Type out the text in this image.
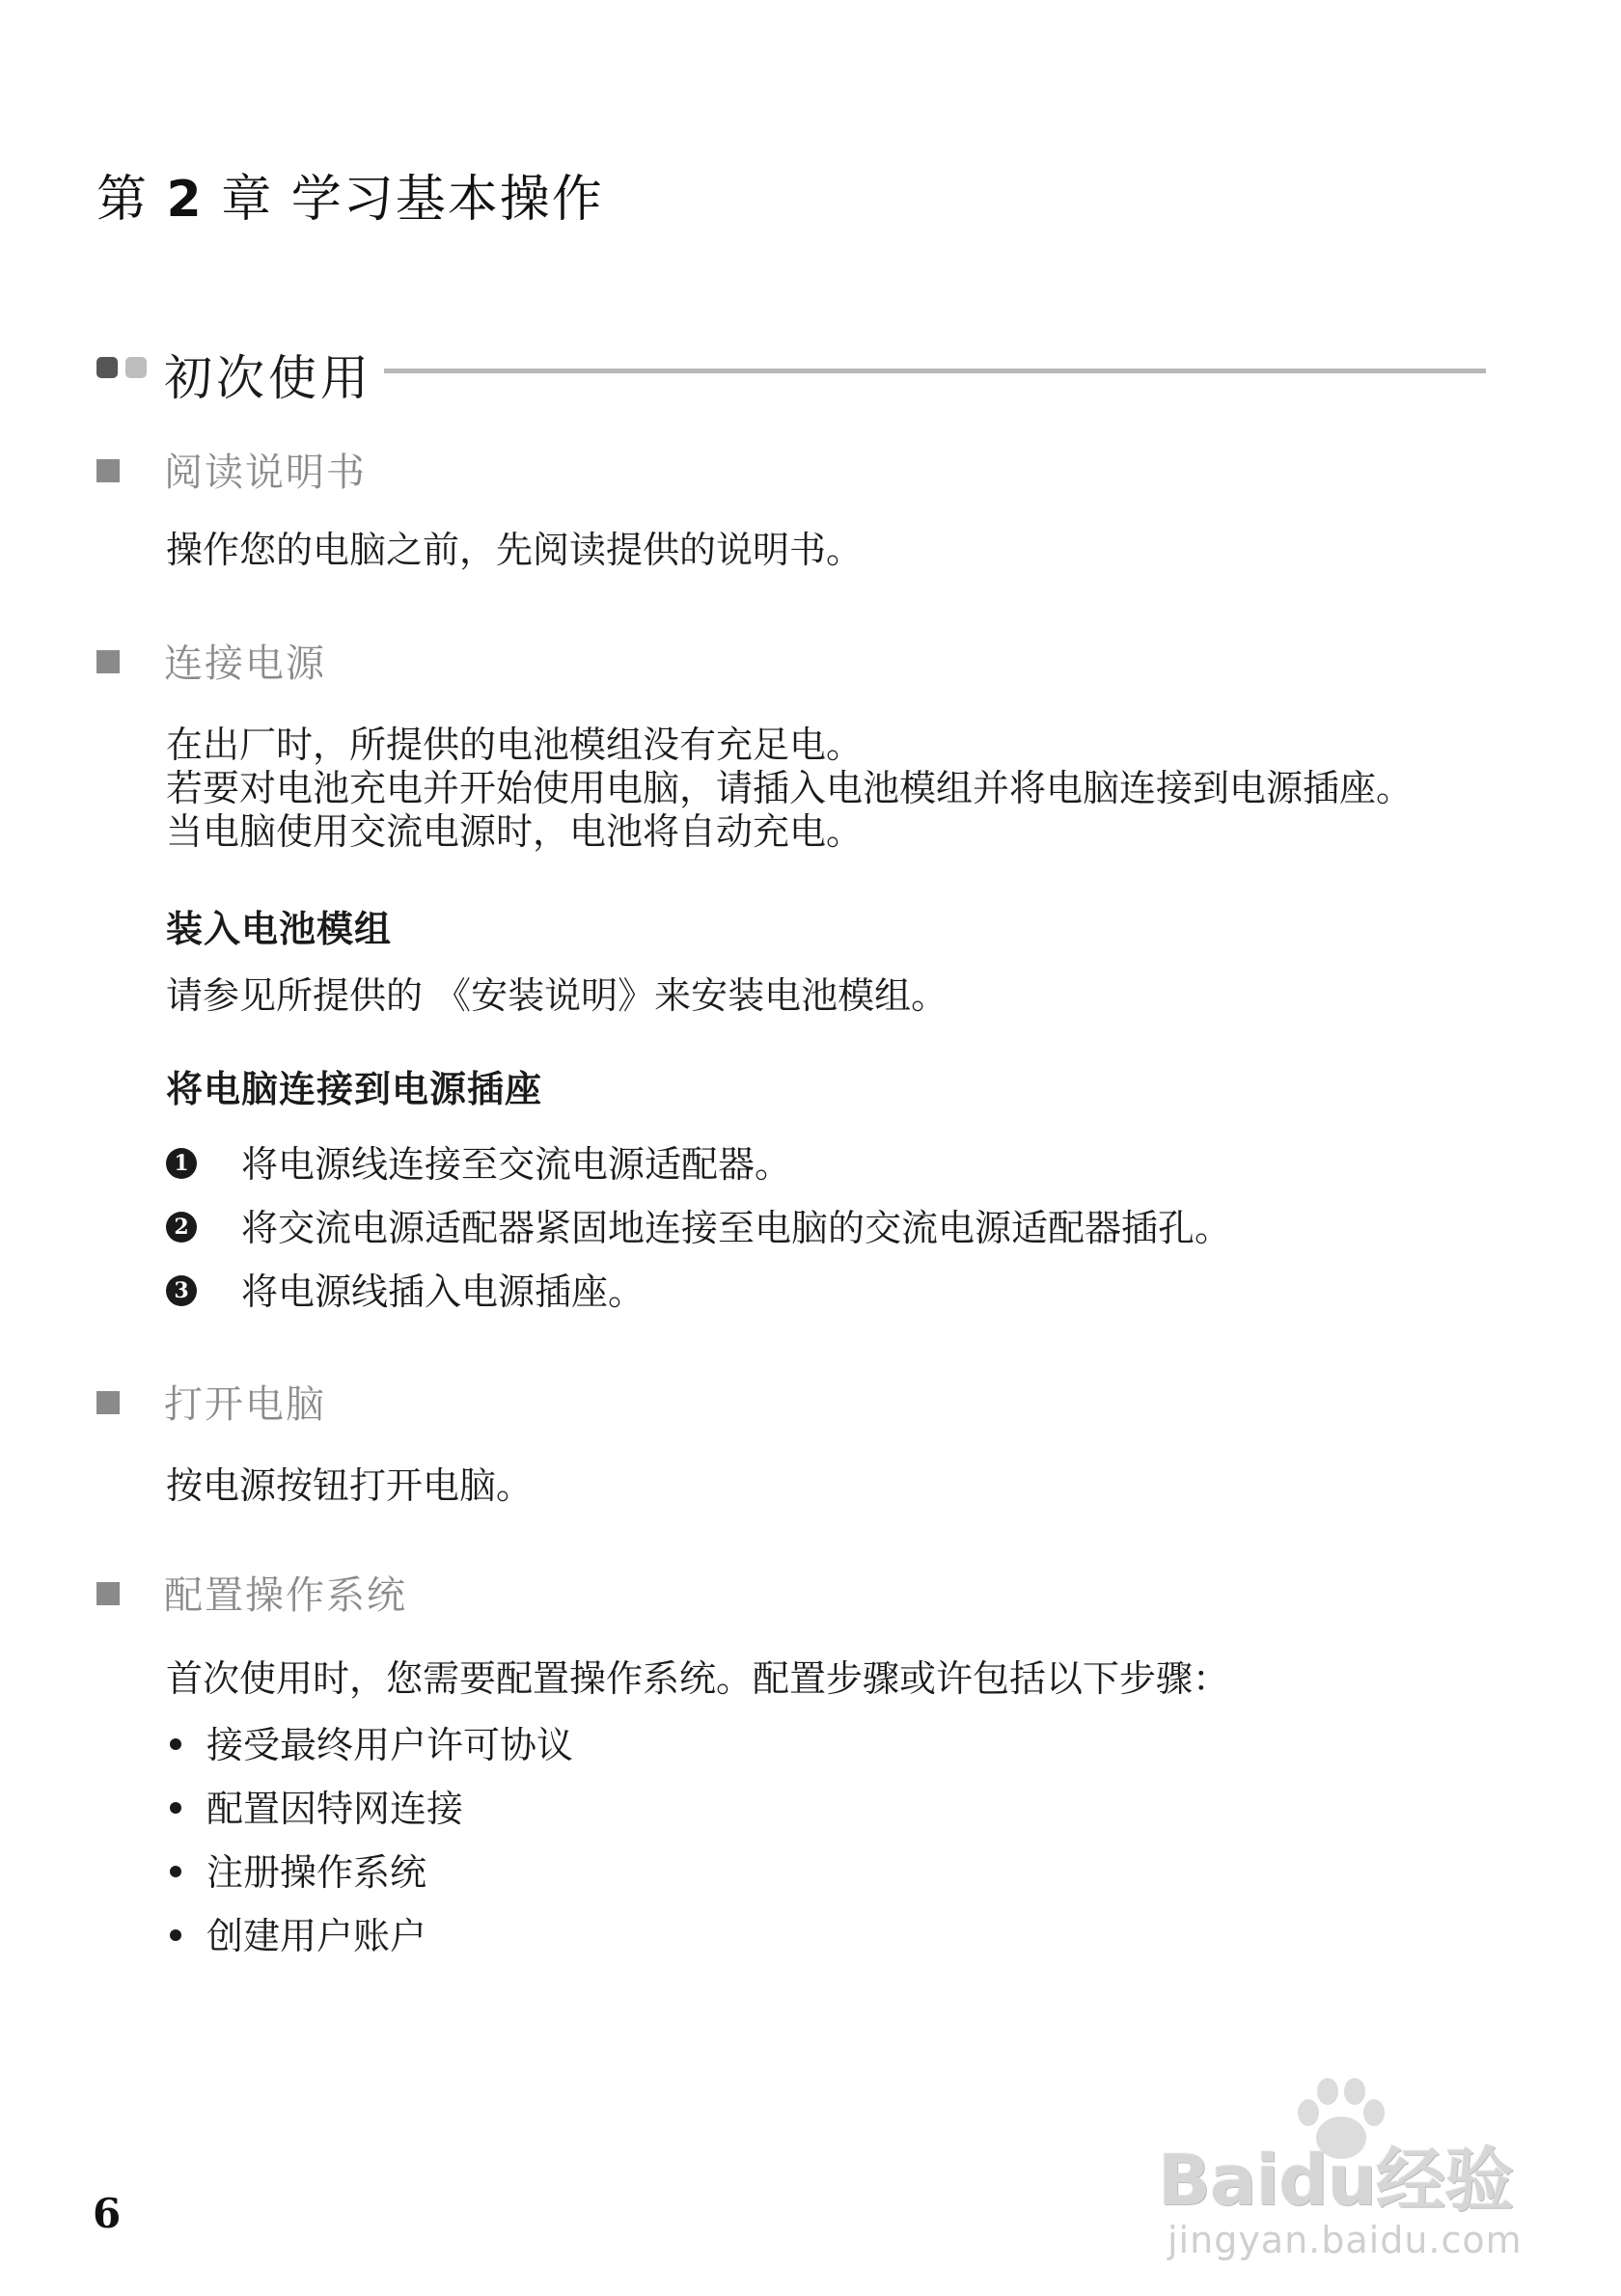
第 2 章 学习基本操作
初次使用
阅读说明书
操作您的电脑之前，先阅读提供的说明书。
连接电源
在出厂时，所提供的电池模组没有充足电。
若要对电池充电并开始使用电脑，请插入电池模组并将电脑连接到电源插座。
当电脑使用交流电源时，电池将自动充电。
装入电池模组
请参见所提供的 《安装说明》来安装电池模组。
将电脑连接到电源插座
1 将电源线连接至交流电源适配器。
2 将交流电源适配器紧固地连接至电脑的交流电源适配器插孔。
3 将电源线插入电源插座。
打开电脑
按电源按钮打开电脑。
配置操作系统
首次使用时，您需要配置操作系统。配置步骤或许包括以下步骤：
接受最终用户许可协议
配置因特网连接
注册操作系统
创建用户账户
6	Baidu经验
jingyan.baidu.com
